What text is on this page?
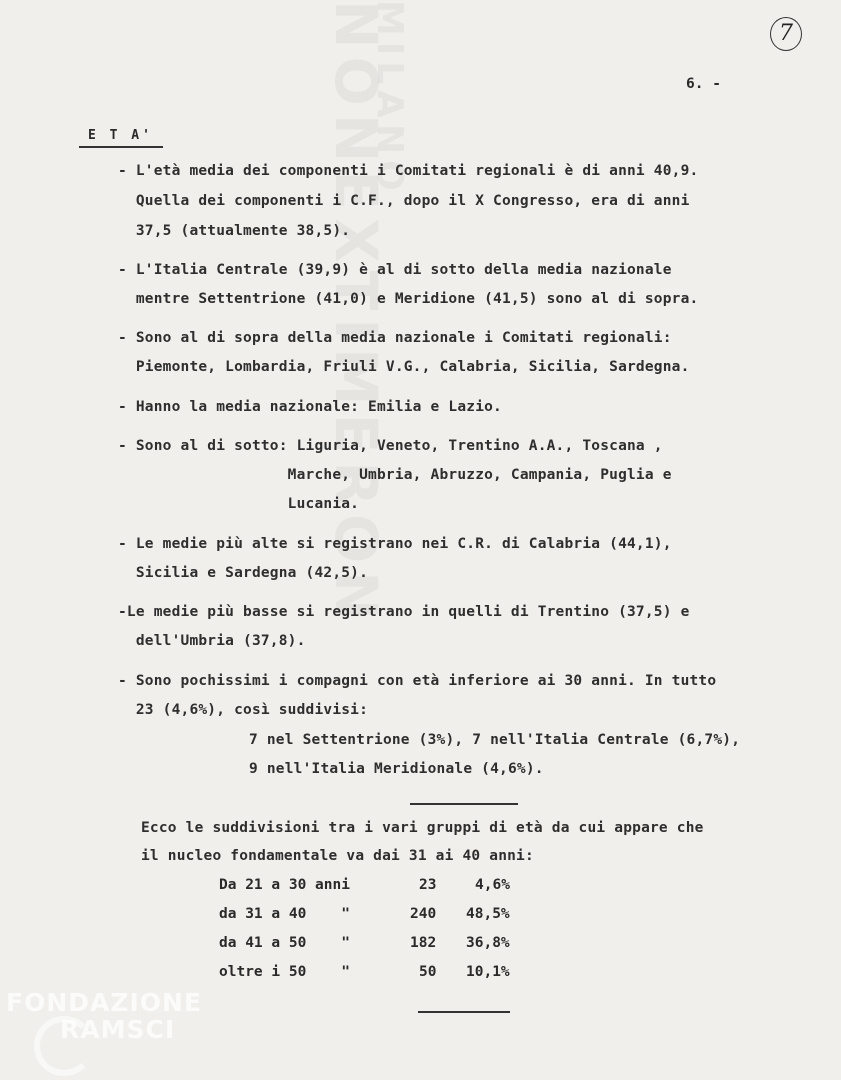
7
6. -
E T A'
- L'età media dei componenti i Comitati regionali è di anni 40,9.
Quella dei componenti i C.F., dopo il X Congresso, era di anni
37,5 (attualmente 38,5).
- L'Italia Centrale (39,9) è al di sotto della media nazionale
mentre Settentrione (41,0) e Meridione (41,5) sono al di sopra.
- Sono al di sopra della media nazionale i Comitati regionali:
Piemonte, Lombardia, Friuli V.G., Calabria, Sicilia, Sardegna.
- Hanno la media nazionale: Emilia e Lazio.
- Sono al di sotto: Liguria, Veneto, Trentino A.A., Toscana ,
Marche, Umbria, Abruzzo, Campania, Puglia e
Lucania.
- Le medie più alte si registrano nei C.R. di Calabria (44,1),
Sicilia e Sardegna (42,5).
-Le medie più basse si registrano in quelli di Trentino (37,5) e
dell'Umbria (37,8).
- Sono pochissimi i compagni con età inferiore ai 30 anni. In tutto
23 (4,6%), così suddivisi:
7 nel Settentrione (3%), 7 nell'Italia Centrale (6,7%),
9 nell'Italia Meridionale (4,6%).
Ecco le suddivisioni tra i vari gruppi di età da cui appare che
il nucleo fondamentale va dai 31 ai 40 anni:
Da 21 a 30 anni	23	4,6%
da 31 a 40    "	240 48,5%
da 41 a 50    "	182 36,8%
oltre i 50    "	50 10,1%
FONDAZIONE
RAMSCI
